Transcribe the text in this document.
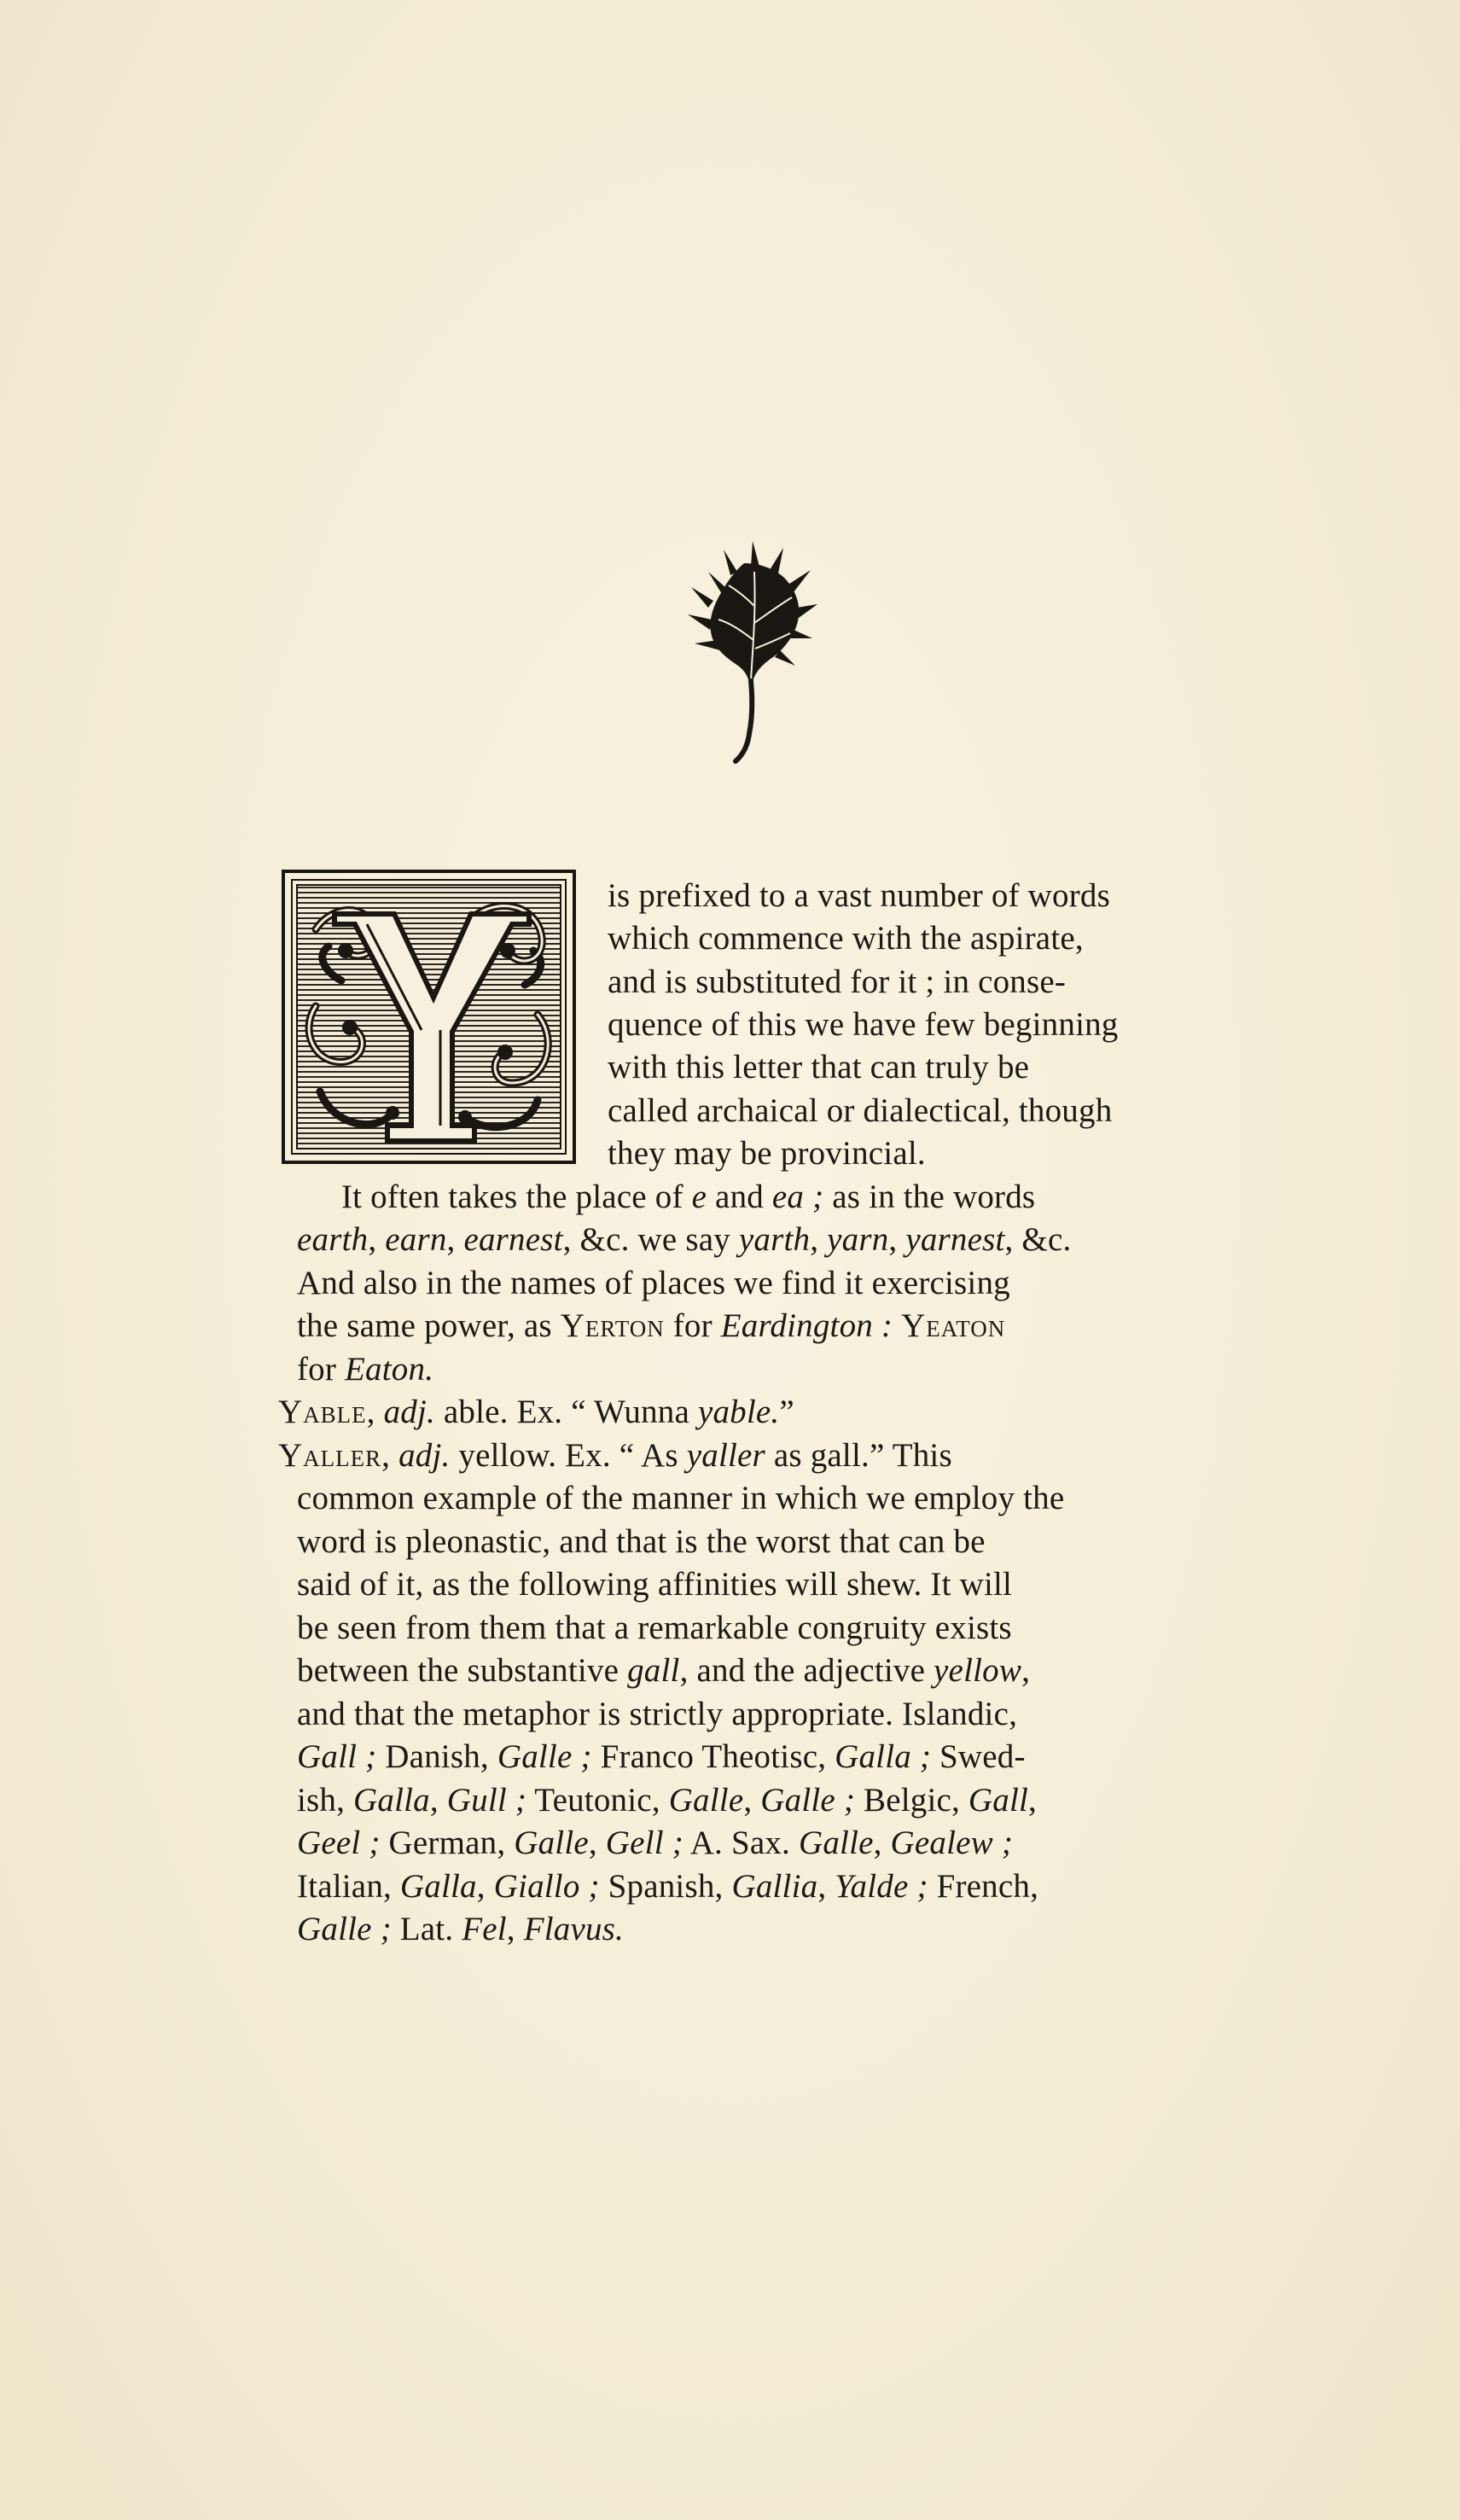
is prefixed to a vast number of words
which commence with the aspirate,
and is substituted for it ; in conse-
quence of this we have few beginning
with this letter that can truly be
called archaical or dialectical, though
they may be provincial.
It often takes the place of e and ea ; as in the words
earth, earn, earnest, &c. we say yarth, yarn, yarnest, &c.
And also in the names of places we find it exercising
the same power, as Yerton for Eardington : Yeaton
for Eaton.
Yable, adj. able. Ex. “ Wunna yable.”
Yaller, adj. yellow. Ex. “ As yaller as gall.” This
common example of the manner in which we employ the
word is pleonastic, and that is the worst that can be
said of it, as the following affinities will shew. It will
be seen from them that a remarkable congruity exists
between the substantive gall, and the adjective yellow,
and that the metaphor is strictly appropriate. Islandic,
Gall ; Danish, Galle ; Franco Theotisc, Galla ; Swed-
ish, Galla, Gull ; Teutonic, Galle, Galle ; Belgic, Gall,
Geel ; German, Galle, Gell ; A. Sax. Galle, Gealew ;
Italian, Galla, Giallo ; Spanish, Gallia, Yalde ; French,
Galle ; Lat. Fel, Flavus.
